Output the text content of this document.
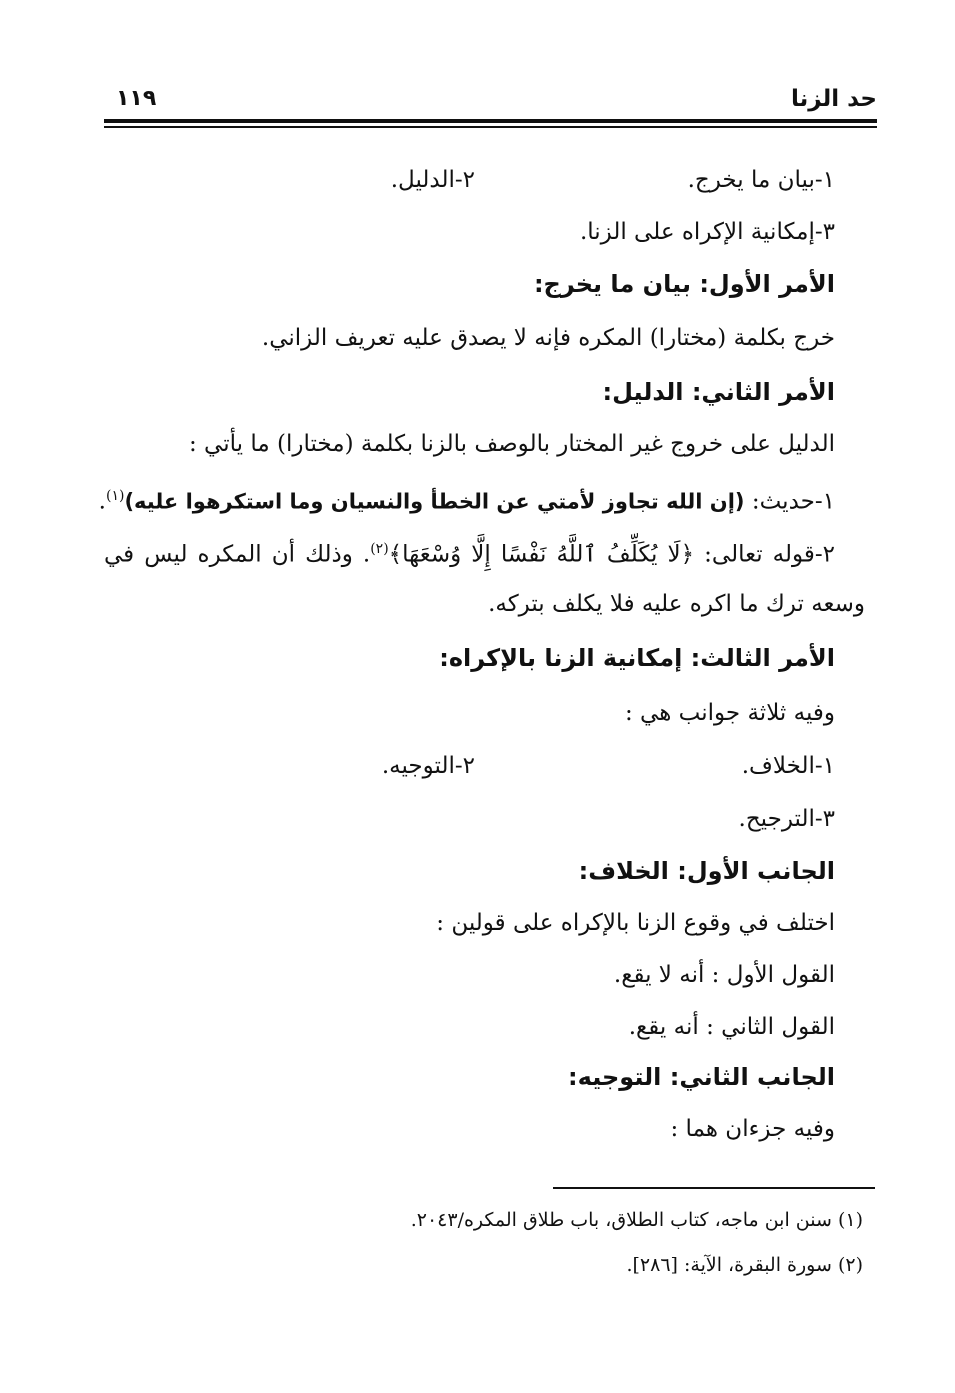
حد الزنا
١١٩
١-بيان ما يخرج.
٢-الدليل.
٣-إمكانية الإكراه على الزنا.
الأمر الأول: بيان ما يخرج:
خرج بكلمة (مختارا) المكره فإنه لا يصدق عليه تعريف الزاني.
الأمر الثاني: الدليل:
الدليل على خروج غير المختار بالوصف بالزنا بكلمة (مختارا) ما يأتي :
١-حديث: (إن الله تجاوز لأمتي عن الخطأ والنسيان وما استكرهوا عليه)$^{(١)}$.
٢-قوله تعالى: ﴿لَا يُكَلِّفُ ٱللَّهُ نَفْسًا إِلَّا وُسْعَهَا﴾$^{(٢)}$. وذلك أن المكره ليس في
وسعه ترك ما اكره عليه فلا يكلف بتركه.
الأمر الثالث: إمكانية الزنا بالإكراه:
وفيه ثلاثة جوانب هي :
١-الخلاف.
٢-التوجيه.
٣-الترجيح.
الجانب الأول: الخلاف:
اختلف في وقوع الزنا بالإكراه على قولين :
القول الأول : أنه لا يقع.
القول الثاني : أنه يقع.
الجانب الثاني: التوجيه:
وفيه جزءان هما :
(١) سنن ابن ماجه، كتاب الطلاق، باب طلاق المكره/٢٠٤٣.
(٢) سورة البقرة، الآية: [٢٨٦].
